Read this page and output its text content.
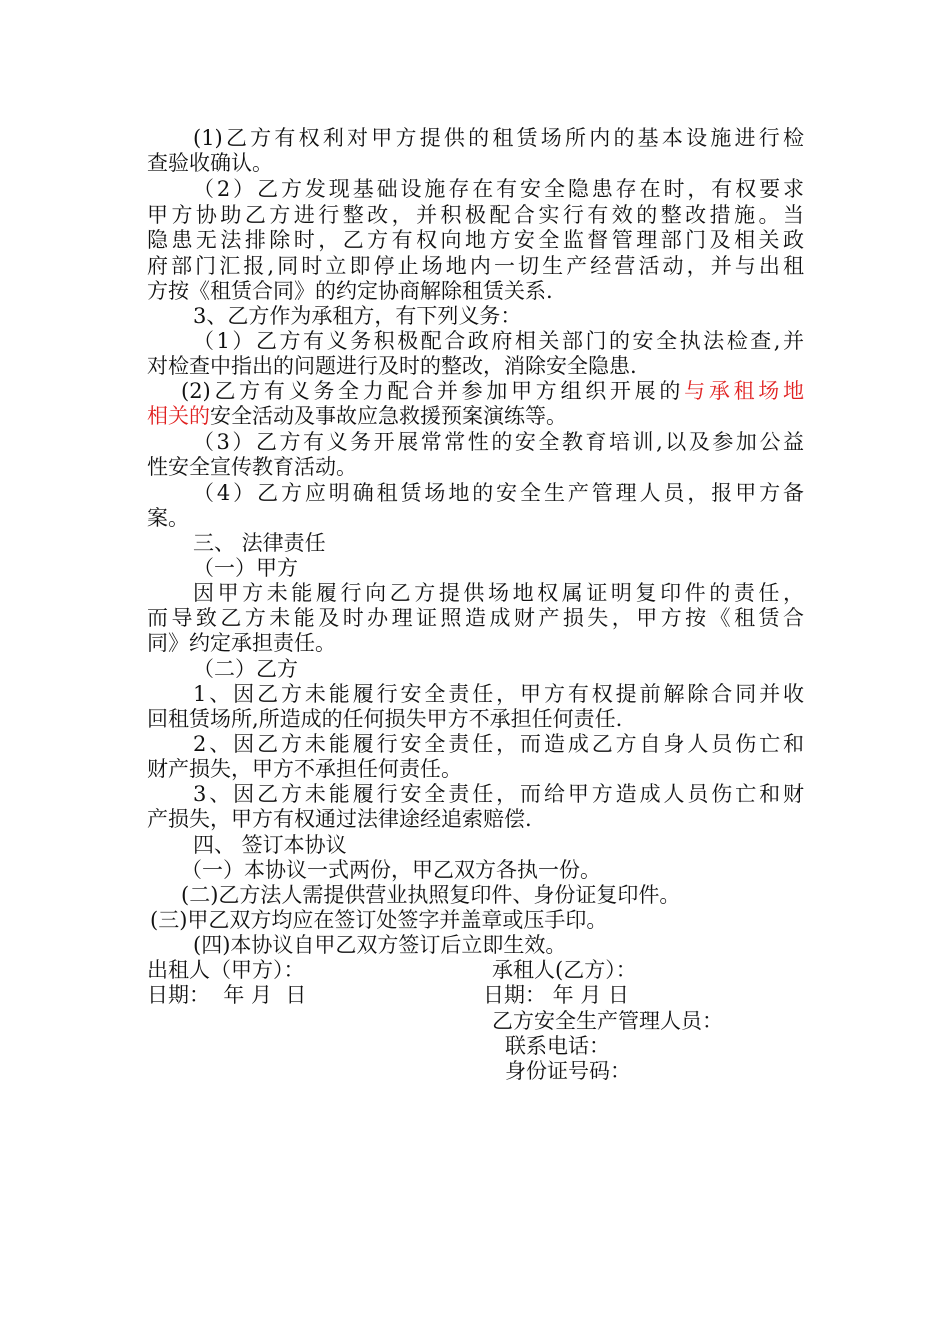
(1)乙方有权利对甲方提供的租赁场所内的基本设施进行检
查验收确认。
（2）乙方发现基础设施存在有安全隐患存在时，有权要求
甲方协助乙方进行整改，并积极配合实行有效的整改措施。当
隐患无法排除时，乙方有权向地方安全监督管理部门及相关政
府部门汇报,同时立即停止场地内一切生产经营活动，并与出租
方按《租赁合同》的约定协商解除租赁关系.
3、乙方作为承租方，有下列义务：
（1）乙方有义务积极配合政府相关部门的安全执法检查,并
对检查中指出的问题进行及时的整改，消除安全隐患.
(2)乙方有义务全力配合并参加甲方组织开展的与承租场地
相关的安全活动及事故应急救援预案演练等。
（3）乙方有义务开展常常性的安全教育培训,以及参加公益
性安全宣传教育活动。
（4）乙方应明确租赁场地的安全生产管理人员，报甲方备
案。
三、 法律责任
（一）甲方
因甲方未能履行向乙方提供场地权属证明复印件的责任，
而导致乙方未能及时办理证照造成财产损失，甲方按《租赁合
同》约定承担责任。
（二）乙方
1、因乙方未能履行安全责任，甲方有权提前解除合同并收
回租赁场所,所造成的任何损失甲方不承担任何责任.
2、因乙方未能履行安全责任，而造成乙方自身人员伤亡和
财产损失，甲方不承担任何责任。
3、因乙方未能履行安全责任，而给甲方造成人员伤亡和财
产损失，甲方有权通过法律途经追索赔偿.
四、 签订本协议
（一）本协议一式两份，甲乙双方各执一份。
(二)乙方法人需提供营业执照复印件、身份证复印件。
(三)甲乙双方均应在签订处签字并盖章或压手印。
(四)本协议自甲乙双方签订后立即生效。
出租人（甲方）：	承租人(乙方）：
日期：  年 月  日	日期： 年 月 日
乙方安全生产管理人员：
联系电话：
身份证号码：
